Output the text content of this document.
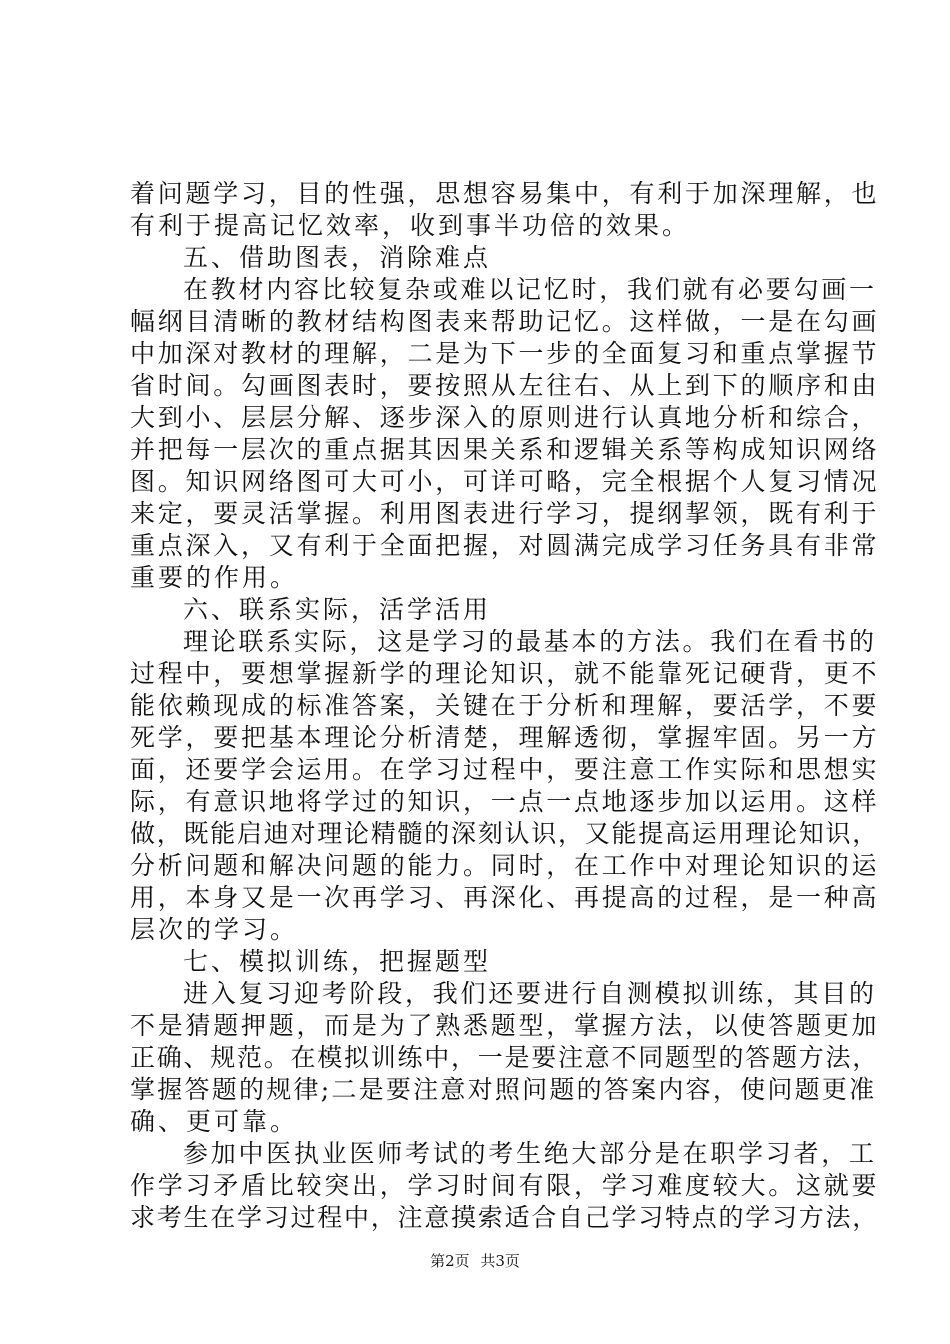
着问题学习，目的性强，思想容易集中，有利于加深理解，也
有利于提高记忆效率，收到事半功倍的效果。
五、借助图表，消除难点
在教材内容比较复杂或难以记忆时，我们就有必要勾画一
幅纲目清晰的教材结构图表来帮助记忆。这样做，一是在勾画
中加深对教材的理解，二是为下一步的全面复习和重点掌握节
省时间。勾画图表时，要按照从左往右、从上到下的顺序和由
大到小、层层分解、逐步深入的原则进行认真地分析和综合，
并把每一层次的重点据其因果关系和逻辑关系等构成知识网络
图。知识网络图可大可小，可详可略，完全根据个人复习情况
来定，要灵活掌握。利用图表进行学习，提纲挈领，既有利于
重点深入，又有利于全面把握，对圆满完成学习任务具有非常
重要的作用。
六、联系实际，活学活用
理论联系实际，这是学习的最基本的方法。我们在看书的
过程中，要想掌握新学的理论知识，就不能靠死记硬背，更不
能依赖现成的标准答案，关键在于分析和理解，要活学，不要
死学，要把基本理论分析清楚，理解透彻，掌握牢固。另一方
面，还要学会运用。在学习过程中，要注意工作实际和思想实
际，有意识地将学过的知识，一点一点地逐步加以运用。这样
做，既能启迪对理论精髓的深刻认识，又能提高运用理论知识，
分析问题和解决问题的能力。同时，在工作中对理论知识的运
用，本身又是一次再学习、再深化、再提高的过程，是一种高
层次的学习。
七、模拟训练，把握题型
进入复习迎考阶段，我们还要进行自测模拟训练，其目的
不是猜题押题，而是为了熟悉题型，掌握方法，以使答题更加
正确、规范。在模拟训练中，一是要注意不同题型的答题方法，
掌握答题的规律;二是要注意对照问题的答案内容，使问题更准
确、更可靠。
参加中医执业医师考试的考生绝大部分是在职学习者，工
作学习矛盾比较突出，学习时间有限，学习难度较大。这就要
求考生在学习过程中，注意摸索适合自己学习特点的学习方法，
第2页 共3页
